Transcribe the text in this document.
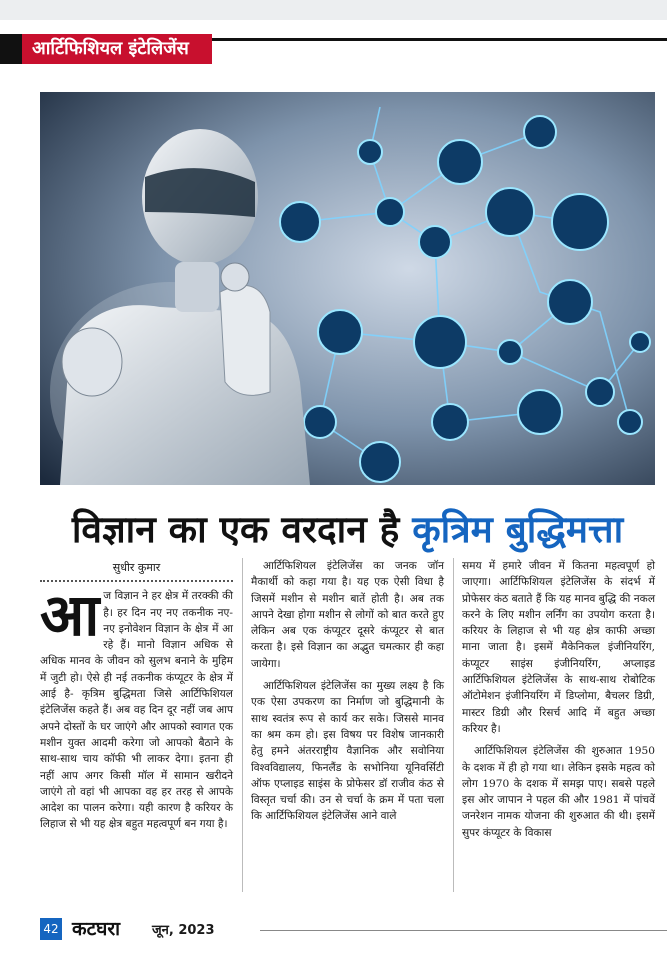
आर्टिफिशियल इंटेलिजेंस
विज्ञान का एक वरदान है कृत्रिम बुद्धिमत्ता
सुधीर कुमार

आज विज्ञान ने हर क्षेत्र में तरक्की की है। हर दिन नए नए तकनीक नए-नए इनोवेशन विज्ञान के क्षेत्र में आ रहे हैं। मानो विज्ञान अधिक से अधिक मानव के जीवन को सुलभ बनाने के मुहिम में जुटी हो। ऐसे ही नई तकनीक कंप्यूटर के क्षेत्र में आई है- कृत्रिम बुद्धिमता जिसे आर्टिफिशियल इंटेलिजेंस कहते हैं। अब वह दिन दूर नहीं जब आप अपने दोस्तों के घर जाएंगे और आपको स्वागत एक मशीन युक्त आदमी करेगा जो आपको बैठाने के साथ-साथ चाय कॉफी भी लाकर देगा। इतना ही नहीं आप अगर किसी मॉल में सामान खरीदने जाएंगे तो वहां भी आपका वह हर तरह से आपके आदेश का पालन करेगा। यही कारण है करियर के लिहाज से भी यह क्षेत्र बहुत महत्वपूर्ण बन गया है।

आर्टिफिशियल इंटेलिजेंस का जनक जॉन मैकार्थी को कहा गया है। यह एक ऐसी विधा है जिसमें मशीन से मशीन बातें होती है। अब तक आपने देखा होगा मशीन से लोगों को बात करते हुए लेकिन अब एक कंप्यूटर दूसरे कंप्यूटर से बात करता है। इसे विज्ञान का अद्भुत चमत्कार ही कहा जायेगा।

आर्टिफिशियल इंटेलिजेंस का मुख्य लक्ष्य है कि एक ऐसा उपकरण का निर्माण जो बुद्धिमानी के साथ स्वतंत्र रूप से कार्य कर सके। जिससे मानव का श्रम कम हो। इस विषय पर विशेष जानकारी हेतु हमने अंतरराष्ट्रीय वैज्ञानिक और सवोनिया विश्वविद्यालय, फिनलैंड के सभोनिया यूनिवर्सिटी ऑफ एप्लाइड साइंस के प्रोफेसर डॉ राजीव कंठ से विस्तृत चर्चा की। उन से चर्चा के क्रम में पता चला कि आर्टिफिशियल इंटेलिजेंस आने वाले

समय में हमारे जीवन में कितना महत्वपूर्ण हो जाएगा। आर्टिफिशियल इंटेलिजेंस के संदर्भ में प्रोफेसर कंठ बताते हैं कि यह मानव बुद्धि की नकल करने के लिए मशीन लर्निंग का उपयोग करता है। करियर के लिहाज से भी यह क्षेत्र काफी अच्छा माना जाता है। इसमें मैकेनिकल इंजीनियरिंग, कंप्यूटर साइंस इंजीनियरिंग, अप्लाइड आर्टिफिशियल इंटेलिजेंस के साथ-साथ रोबोटिक ऑटोमेशन इंजीनियरिंग में डिप्लोमा, बैचलर डिग्री, मास्टर डिग्री और रिसर्च आदि में बहुत अच्छा करियर है।

आर्टिफिशियल इंटेलिजेंस की शुरुआत 1950 के दशक में ही हो गया था। लेकिन इसके महत्व को लोग 1970 के दशक में समझ पाए। सबसे पहले इस ओर जापान ने पहल की और 1981 में पांचवें जनरेशन नामक योजना की शुरुआत की थी। इसमें सुपर कंप्यूटर के विकास

42 कटघरा जून, 2023
